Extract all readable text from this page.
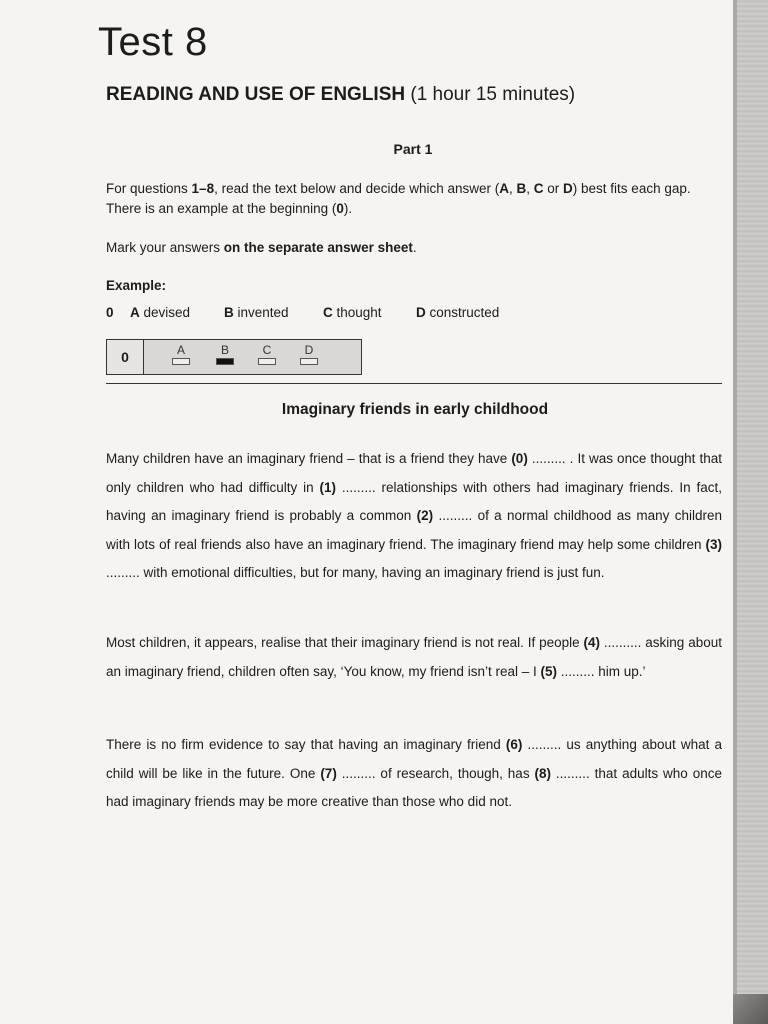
Test 8
READING AND USE OF ENGLISH (1 hour 15 minutes)
Part 1
For questions 1–8, read the text below and decide which answer (A, B, C or D) best fits each gap. There is an example at the beginning (0).
Mark your answers on the separate answer sheet.
Example:
0 A devised	B invented	C thought	D constructed
0	A	B	C	D
Imaginary friends in early childhood
Many children have an imaginary friend – that is a friend they have (0) ......... . It was once thought that only children who had difficulty in (1) ......... relationships with others had imaginary friends. In fact, having an imaginary friend is probably a common (2) ......... of a normal childhood as many children with lots of real friends also have an imaginary friend. The imaginary friend may help some children (3) ......... with emotional difficulties, but for many, having an imaginary friend is just fun.
Most children, it appears, realise that their imaginary friend is not real. If people (4) .......... asking about an imaginary friend, children often say, ‘You know, my friend isn’t real – I (5) ......... him up.’
There is no firm evidence to say that having an imaginary friend (6) ......... us anything about what a child will be like in the future. One (7) ......... of research, though, has (8) ......... that adults who once had imaginary friends may be more creative than those who did not.
